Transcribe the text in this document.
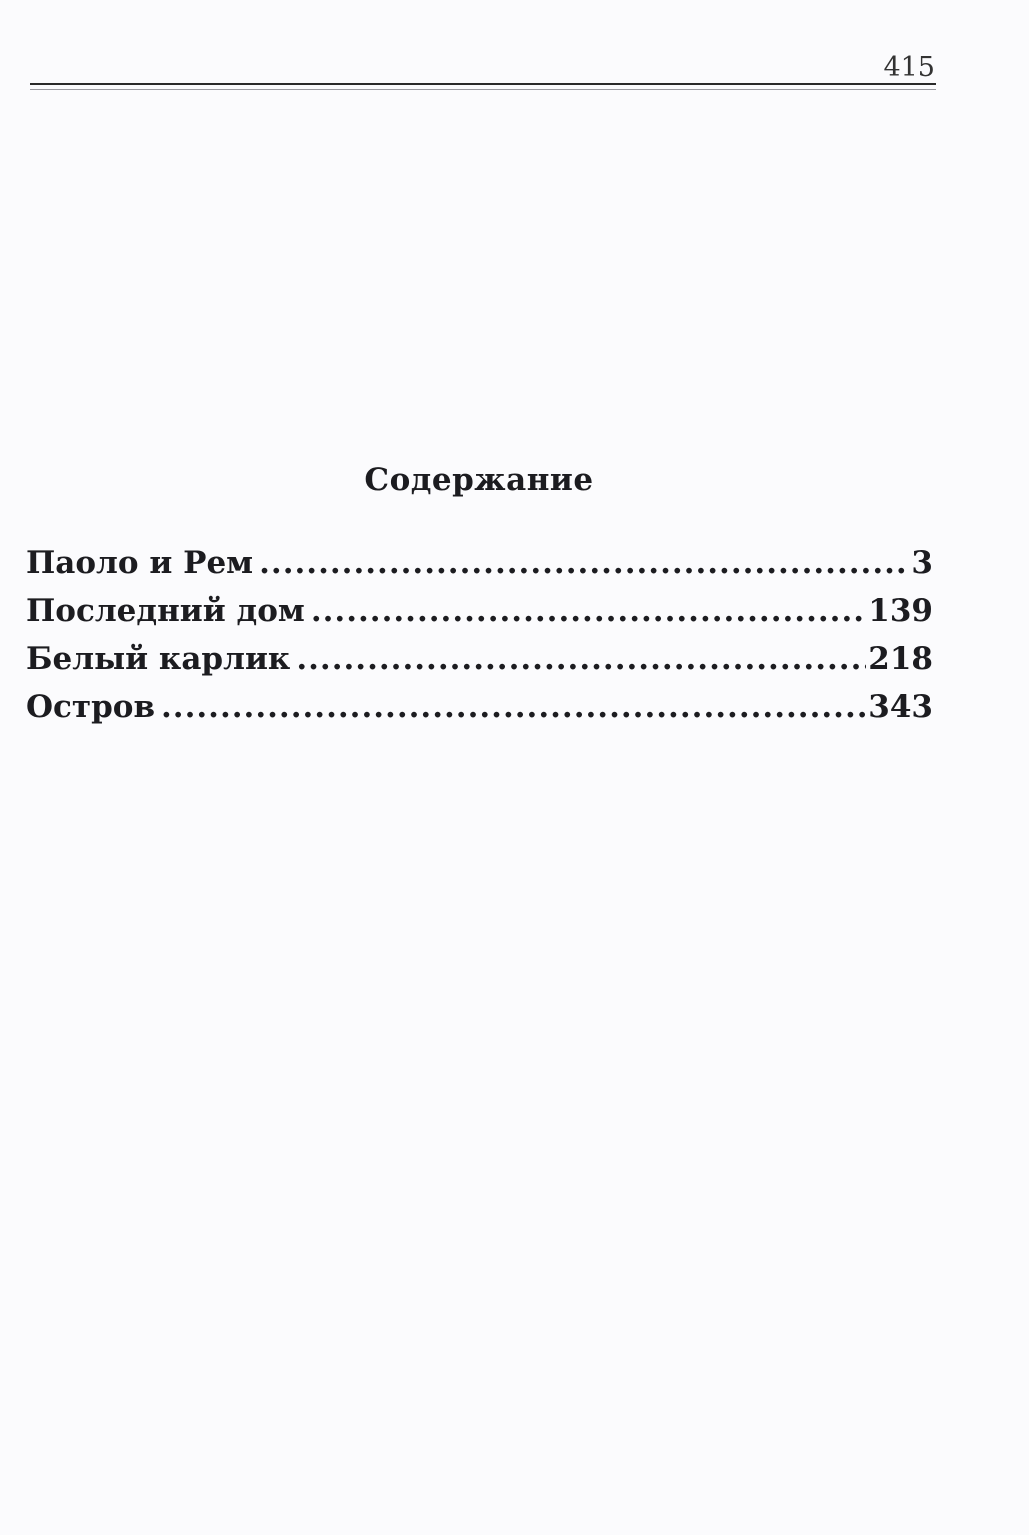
415
Содержание
Паоло и Рем .....	3
Последний дом .....	139
Белый карлик .....	218
Остров .....	343
